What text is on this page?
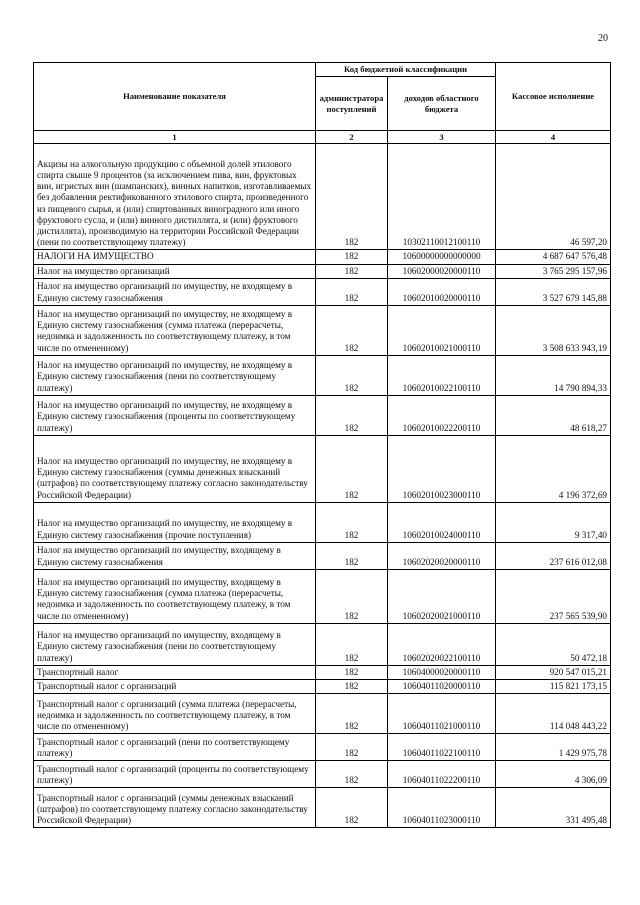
20
Наименование показателя	Код бюджетной классификации		Кассовое исполнение
	администратора поступлений	доходов областного бюджета	
1	2	3	4
Акцизы на алкогольную продукцию с объемной долей этилового спирта свыше 9 процентов (за исключением пива, вин, фруктовых вин, игристых вин (шампанских), винных напитков, изготавливаемых без добавления ректификованного этилового спирта, произведенного из пищевого сырья, и (или) спиртованных виноградного или иного фруктового сусла, и (или) винного дистиллята, и (или) фруктового дистиллята), производимую на территории Российской Федерации (пени по соответствующему платежу)	182	10302110012100110	46 597,20
НАЛОГИ НА ИМУЩЕСТВО	182	10600000000000000	4 687 647 576,48
Налог на имущество организаций	182	10602000020000110	3 765 295 157,96
Налог на имущество организаций по имуществу, не входящему в Единую систему газоснабжения	182	10602010020000110	3 527 679 145,88
Налог на имущество организаций по имуществу, не входящему в Единую систему газоснабжения (сумма платежа (перерасчеты, недоимка и задолженность по соответствующему платежу, в том числе по отмененному)	182	10602010021000110	3 508 633 943,19
Налог на имущество организаций по имуществу, не входящему в Единую систему газоснабжения (пени по соответствующему платежу)	182	10602010022100110	14 790 894,33
Налог на имущество организаций по имуществу, не входящему в Единую систему газоснабжения (проценты по соответствующему платежу)	182	10602010022200110	48 618,27
Налог на имущество организаций по имуществу, не входящему в Единую систему газоснабжения (суммы денежных взысканий (штрафов) по соответствующему платежу согласно законодательству Российской Федерации)	182	10602010023000110	4 196 372,69
Налог на имущество организаций по имуществу, не входящему в Единую систему газоснабжения (прочие поступления)	182	10602010024000110	9 317,40
Налог на имущество организаций по имуществу, входящему в Единую систему газоснабжения	182	10602020020000110	237 616 012,08
Налог на имущество организаций по имуществу, входящему в Единую систему газоснабжения (сумма платежа (перерасчеты, недоимка и задолженность по соответствующему платежу, в том числе по отмененному)	182	10602020021000110	237 565 539,90
Налог на имущество организаций по имуществу, входящему в Единую систему газоснабжения (пени по соответствующему платежу)	182	10602020022100110	50 472,18
Транспортный налог	182	10604000020000110	920 547 015,21
Транспортный налог с организаций	182	10604011020000110	115 821 173,15
Транспортный налог с организаций (сумма платежа (перерасчеты, недоимка и задолженность по соответствующему платежу, в том числе по отмененному)	182	10604011021000110	114 048 443,22
Транспортный налог с организаций (пени по соответствующему платежу)	182	10604011022100110	1 429 975,78
Транспортный налог с организаций (проценты по соответствующему платежу)	182	10604011022200110	4 306,09
Транспортный налог с организаций (суммы денежных взысканий (штрафов) по соответствующему платежу согласно законодательству Российской Федерации)	182	10604011023000110	331 495,48
